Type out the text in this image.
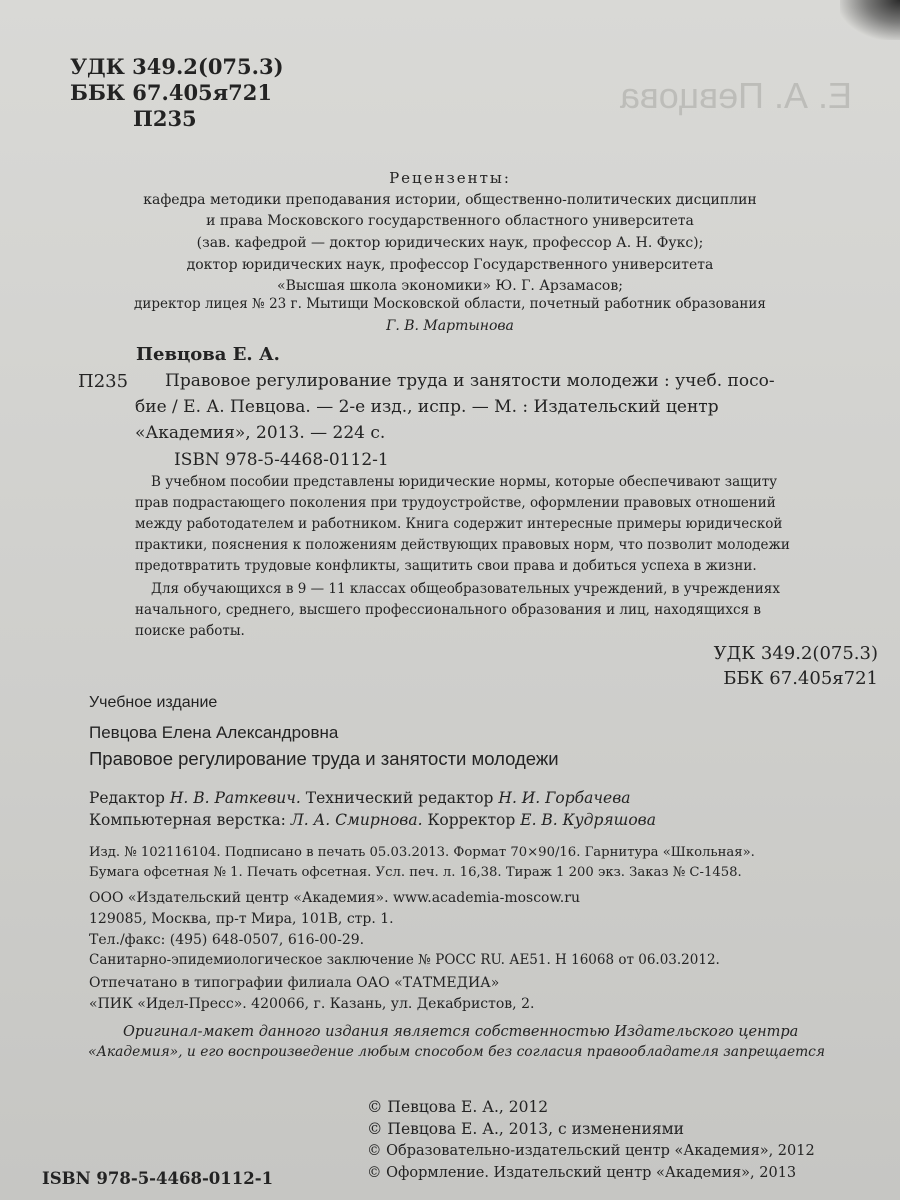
Е. А. Певцова
УДК 349.2(075.3)
ББК 67.405я721
П235
Рецензенты:
кафедра методики преподавания истории, общественно-политических дисциплин
и права Московского государственного областного университета
(зав. кафедрой — доктор юридических наук, профессор А. Н. Фукс);
доктор юридических наук, профессор Государственного университета
«Высшая школа экономики» Ю. Г. Арзамасов;
директор лицея № 23 г. Мытищи Московской области, почетный работник образования
Г. В. Мартынова
Певцова Е. А.
П235 Правовое регулирование труда и занятости молодежи : учеб. посо-
бие / Е. А. Певцова. — 2-е изд., испр. — М. : Издательский центр
«Академия», 2013. — 224 с.
ISBN 978-5-4468-0112-1
В учебном пособии представлены юридические нормы, которые обеспечивают защиту
прав подрастающего поколения при трудоустройстве, оформлении правовых отношений
между работодателем и работником. Книга содержит интересные примеры юридической
практики, пояснения к положениям действующих правовых норм, что позволит молодежи
предотвратить трудовые конфликты, защитить свои права и добиться успеха в жизни.
Для обучающихся в 9 — 11 классах общеобразовательных учреждений, в учреждениях
начального, среднего, высшего профессионального образования и лиц, находящихся в
поиске работы.
УДК 349.2(075.3)
ББК 67.405я721
Учебное издание
Певцова Елена Александровна
Правовое регулирование труда и занятости молодежи
Редактор Н. В. Раткевич. Технический редактор Н. И. Горбачева
Компьютерная верстка: Л. А. Смирнова. Корректор Е. В. Кудряшова
Изд. № 102116104. Подписано в печать 05.03.2013. Формат 70×90/16. Гарнитура «Школьная».
Бумага офсетная № 1. Печать офсетная. Усл. печ. л. 16,38. Тираж 1 200 экз. Заказ № С-1458.
ООО «Издательский центр «Академия». www.academia-moscow.ru
129085, Москва, пр-т Мира, 101В, стр. 1.
Тел./факс: (495) 648-0507, 616-00-29.
Санитарно-эпидемиологическое заключение № РОСС RU. АЕ51. Н 16068 от 06.03.2012.
Отпечатано в типографии филиала ОАО «ТАТМЕДИА»
«ПИК «Идел-Пресс». 420066, г. Казань, ул. Декабристов, 2.
Оригинал-макет данного издания является собственностью Издательского центра
«Академия», и его воспроизведение любым способом без согласия правообладателя запрещается
ISBN 978-5-4468-0112-1
© Певцова Е. А., 2012
© Певцова Е. А., 2013, с изменениями
© Образовательно-издательский центр «Академия», 2012
© Оформление. Издательский центр «Академия», 2013
